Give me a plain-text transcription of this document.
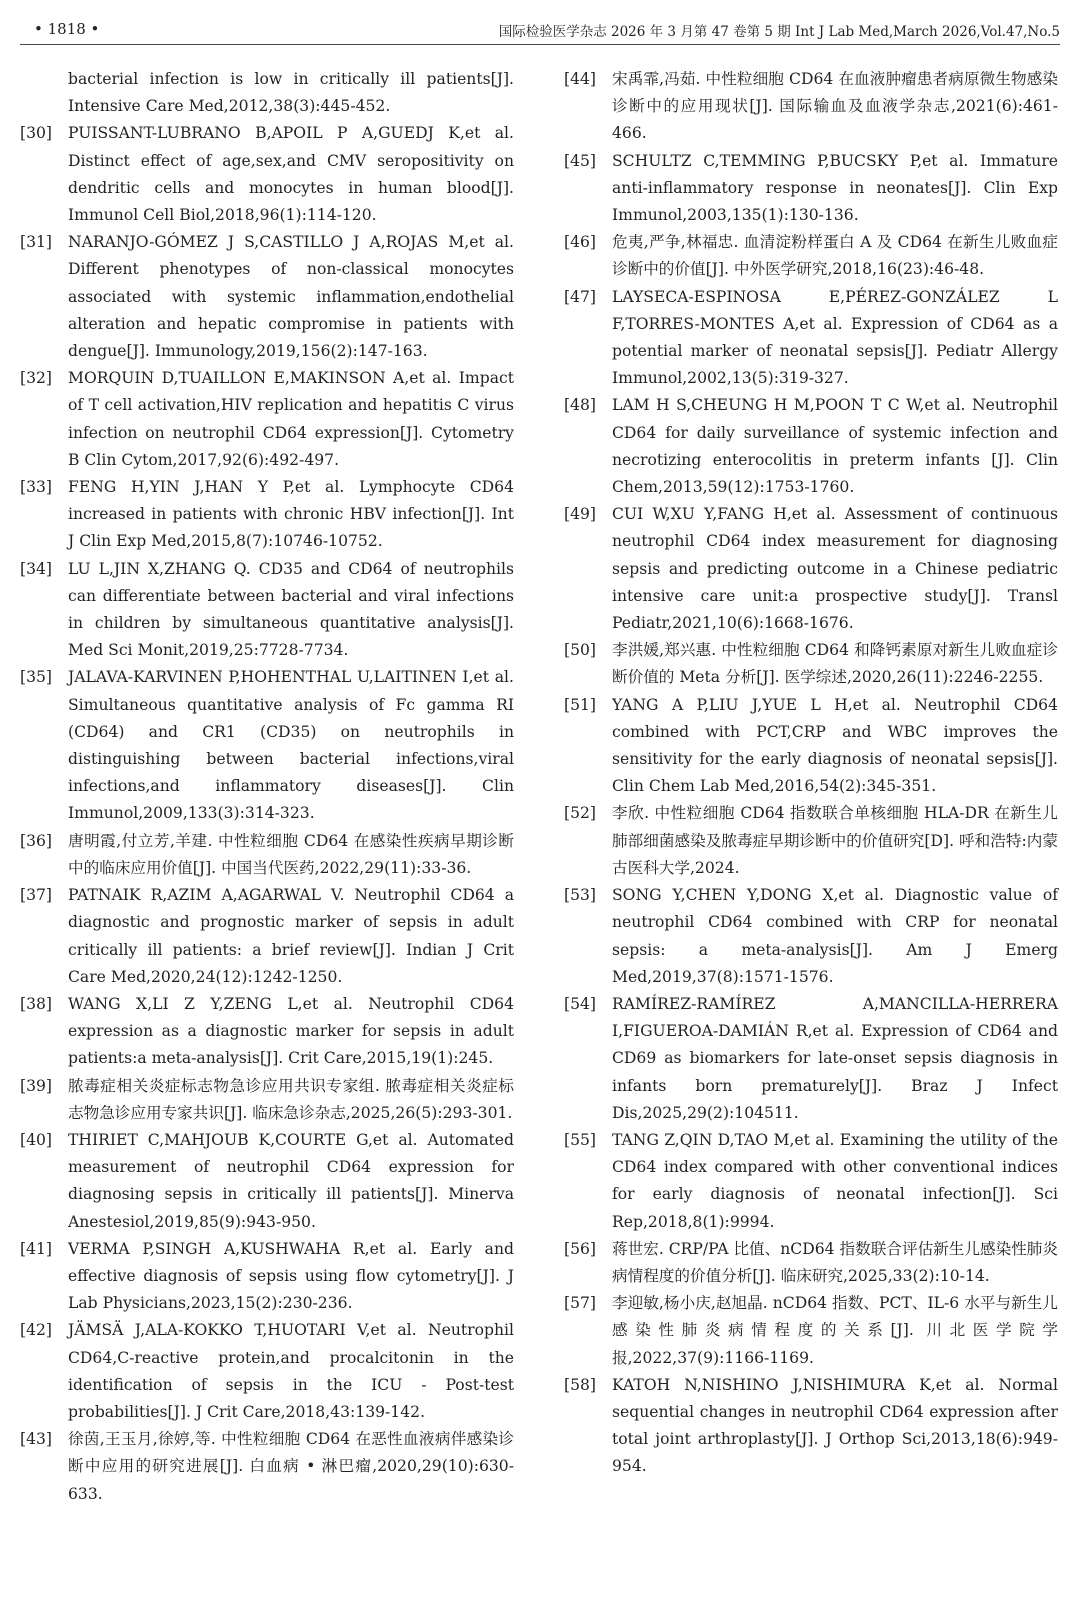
• 1818 •	国际检验医学杂志 2026 年 3 月第 47 卷第 5 期 Int J Lab Med,March 2026,Vol.47,No.5

bacterial infection is low in critically ill patients[J]. Intensive Care Med,2012,38(3):445-452.

[30]	PUISSANT-LUBRANO B,APOIL P A,GUEDJ K,et al. Distinct effect of age,sex,and CMV seropositivity on dendritic cells and monocytes in human blood[J]. Immunol Cell Biol,2018,96(1):114-120.

[31]	NARANJO-GÓMEZ J S,CASTILLO J A,ROJAS M,et al. Different phenotypes of non-classical monocytes associated with systemic inflammation,endothelial alteration and hepatic compromise in patients with dengue[J]. Immunology,2019,156(2):147-163.

[32]	MORQUIN D,TUAILLON E,MAKINSON A,et al. Impact of T cell activation,HIV replication and hepatitis C virus infection on neutrophil CD64 expression[J]. Cytometry B Clin Cytom,2017,92(6):492-497.

[33]	FENG H,YIN J,HAN Y P,et al. Lymphocyte CD64 increased in patients with chronic HBV infection[J]. Int J Clin Exp Med,2015,8(7):10746-10752.

[34]	LU L,JIN X,ZHANG Q. CD35 and CD64 of neutrophils can differentiate between bacterial and viral infections in children by simultaneous quantitative analysis[J]. Med Sci Monit,2019,25:7728-7734.

[35]	JALAVA-KARVINEN P,HOHENTHAL U,LAITINEN I,et al. Simultaneous quantitative analysis of Fc gamma RI (CD64) and CR1 (CD35) on neutrophils in distinguishing between bacterial infections,viral infections,and inflammatory diseases[J]. Clin Immunol,2009,133(3):314-323.

[36]	唐明霞,付立芳,羊建. 中性粒细胞 CD64 在感染性疾病早期诊断中的临床应用价值[J]. 中国当代医药,2022,29(11):33-36.

[37]	PATNAIK R,AZIM A,AGARWAL V. Neutrophil CD64 a diagnostic and prognostic marker of sepsis in adult critically ill patients: a brief review[J]. Indian J Crit Care Med,2020,24(12):1242-1250.

[38]	WANG X,LI Z Y,ZENG L,et al. Neutrophil CD64 expression as a diagnostic marker for sepsis in adult patients:a meta-analysis[J]. Crit Care,2015,19(1):245.

[39]	脓毒症相关炎症标志物急诊应用共识专家组. 脓毒症相关炎症标志物急诊应用专家共识[J]. 临床急诊杂志,2025,26(5):293-301.

[40]	THIRIET C,MAHJOUB K,COURTE G,et al. Automated measurement of neutrophil CD64 expression for diagnosing sepsis in critically ill patients[J]. Minerva Anestesiol,2019,85(9):943-950.

[41]	VERMA P,SINGH A,KUSHWAHA R,et al. Early and effective diagnosis of sepsis using flow cytometry[J]. J Lab Physicians,2023,15(2):230-236.

[42]	JÄMSÄ J,ALA-KOKKO T,HUOTARI V,et al. Neutrophil CD64,C-reactive protein,and procalcitonin in the identification of sepsis in the ICU - Post-test probabilities[J]. J Crit Care,2018,43:139-142.

[43]	徐茵,王玉月,徐婷,等. 中性粒细胞 CD64 在恶性血液病伴感染诊断中应用的研究进展[J]. 白血病 • 淋巴瘤,2020,29(10):630-633.

[44]	宋禹霏,冯茹. 中性粒细胞 CD64 在血液肿瘤患者病原微生物感染诊断中的应用现状[J]. 国际输血及血液学杂志,2021(6):461-466.

[45]	SCHULTZ C,TEMMING P,BUCSKY P,et al. Immature anti-inflammatory response in neonates[J]. Clin Exp Immunol,2003,135(1):130-136.

[46]	危夷,严争,林福忠. 血清淀粉样蛋白 A 及 CD64 在新生儿败血症诊断中的价值[J]. 中外医学研究,2018,16(23):46-48.

[47]	LAYSECA-ESPINOSA E,PÉREZ-GONZÁLEZ L F,TORRES-MONTES A,et al. Expression of CD64 as a potential marker of neonatal sepsis[J]. Pediatr Allergy Immunol,2002,13(5):319-327.

[48]	LAM H S,CHEUNG H M,POON T C W,et al. Neutrophil CD64 for daily surveillance of systemic infection and necrotizing enterocolitis in preterm infants [J]. Clin Chem,2013,59(12):1753-1760.

[49]	CUI W,XU Y,FANG H,et al. Assessment of continuous neutrophil CD64 index measurement for diagnosing sepsis and predicting outcome in a Chinese pediatric intensive care unit:a prospective study[J]. Transl Pediatr,2021,10(6):1668-1676.

[50]	李洪媛,郑兴惠. 中性粒细胞 CD64 和降钙素原对新生儿败血症诊断价值的 Meta 分析[J]. 医学综述,2020,26(11):2246-2255.

[51]	YANG A P,LIU J,YUE L H,et al. Neutrophil CD64 combined with PCT,CRP and WBC improves the sensitivity for the early diagnosis of neonatal sepsis[J]. Clin Chem Lab Med,2016,54(2):345-351.

[52]	李欣. 中性粒细胞 CD64 指数联合单核细胞 HLA-DR 在新生儿肺部细菌感染及脓毒症早期诊断中的价值研究[D]. 呼和浩特:内蒙古医科大学,2024.

[53]	SONG Y,CHEN Y,DONG X,et al. Diagnostic value of neutrophil CD64 combined with CRP for neonatal sepsis: a meta-analysis[J]. Am J Emerg Med,2019,37(8):1571-1576.

[54]	RAMÍREZ-RAMÍREZ A,MANCILLA-HERRERA I,FIGUEROA-DAMIÁN R,et al. Expression of CD64 and CD69 as biomarkers for late-onset sepsis diagnosis in infants born prematurely[J]. Braz J Infect Dis,2025,29(2):104511.

[55]	TANG Z,QIN D,TAO M,et al. Examining the utility of the CD64 index compared with other conventional indices for early diagnosis of neonatal infection[J]. Sci Rep,2018,8(1):9994.

[56]	蒋世宏. CRP/PA 比值、nCD64 指数联合评估新生儿感染性肺炎病情程度的价值分析[J]. 临床研究,2025,33(2):10-14.

[57]	李迎敏,杨小庆,赵旭晶. nCD64 指数、PCT、IL-6 水平与新生儿感染性肺炎病情程度的关系[J]. 川北医学院学报,2022,37(9):1166-1169.

[58]	KATOH N,NISHINO J,NISHIMURA K,et al. Normal sequential changes in neutrophil CD64 expression after total joint arthroplasty[J]. J Orthop Sci,2013,18(6):949-954.
